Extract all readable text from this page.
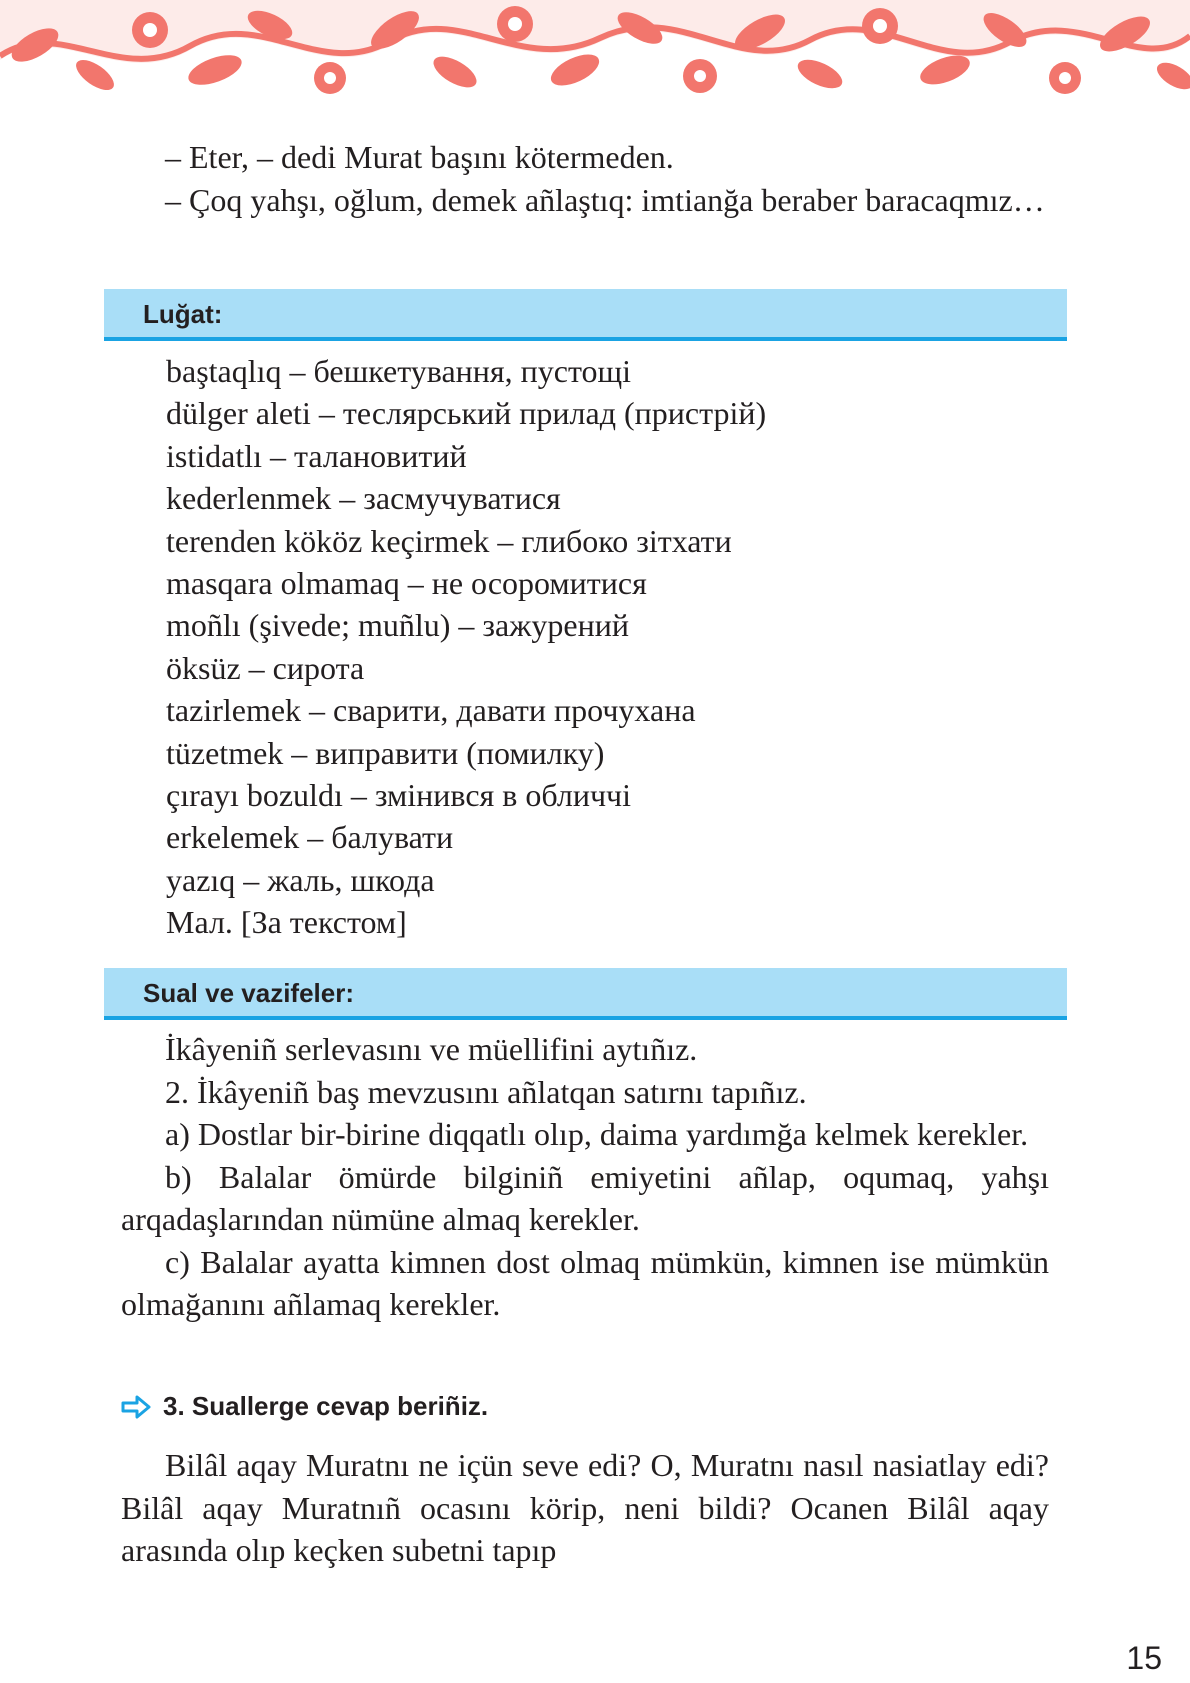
– Eter, – dedi Murat başını kötermeden.

– Çoq yahşı, oğlum, demek añlaştıq: imtianğa beraber baracaqmız…

Luğat:
baştaqlıq – бешкетування, пустощі
dülger aleti – теслярський прилад (пристрій)
istidatlı – талановитий
kederlenmek – засмучуватися
terenden kököz keçirmek – глибоко зітхати
masqara olmamaq – не осоромитися
moñlı (şivede; muñlu) – зажурений
öksüz – сирота
tazirlemek – сварити, давати прочухана
tüzetmek – виправити (помилку)
çırayı bozuldı – змінився в обличчі
erkelemek – балувати
yazıq – жаль, шкода
Мал. [За текстом]
Sual ve vazifeler:

İkâyeniñ serlevasını ve müellifini aytıñız.

2. İkâyeniñ baş mevzusını añlatqan satırnı tapıñız.

a) Dostlar bir-birine diqqatlı olıp, daima yardımğa kelmek kerekler.

b) Balalar ömürde bilginiñ emiyetini añlap, oqumaq, yahşı arqadaşlarından nümüne almaq kerekler.

c) Balalar ayatta kimnen dost olmaq mümkün, kimnen ise mümkün olmağanını añlamaq kerekler.

3. Suallerge cevap beriñiz.

Bilâl aqay Muratnı ne içün seve edi? O, Muratnı nasıl nasiatlay edi? Bilâl aqay Muratnıñ ocasını körip, neni bildi? Ocanen Bilâl aqay arasında olıp keçken subetni tapıp

15
